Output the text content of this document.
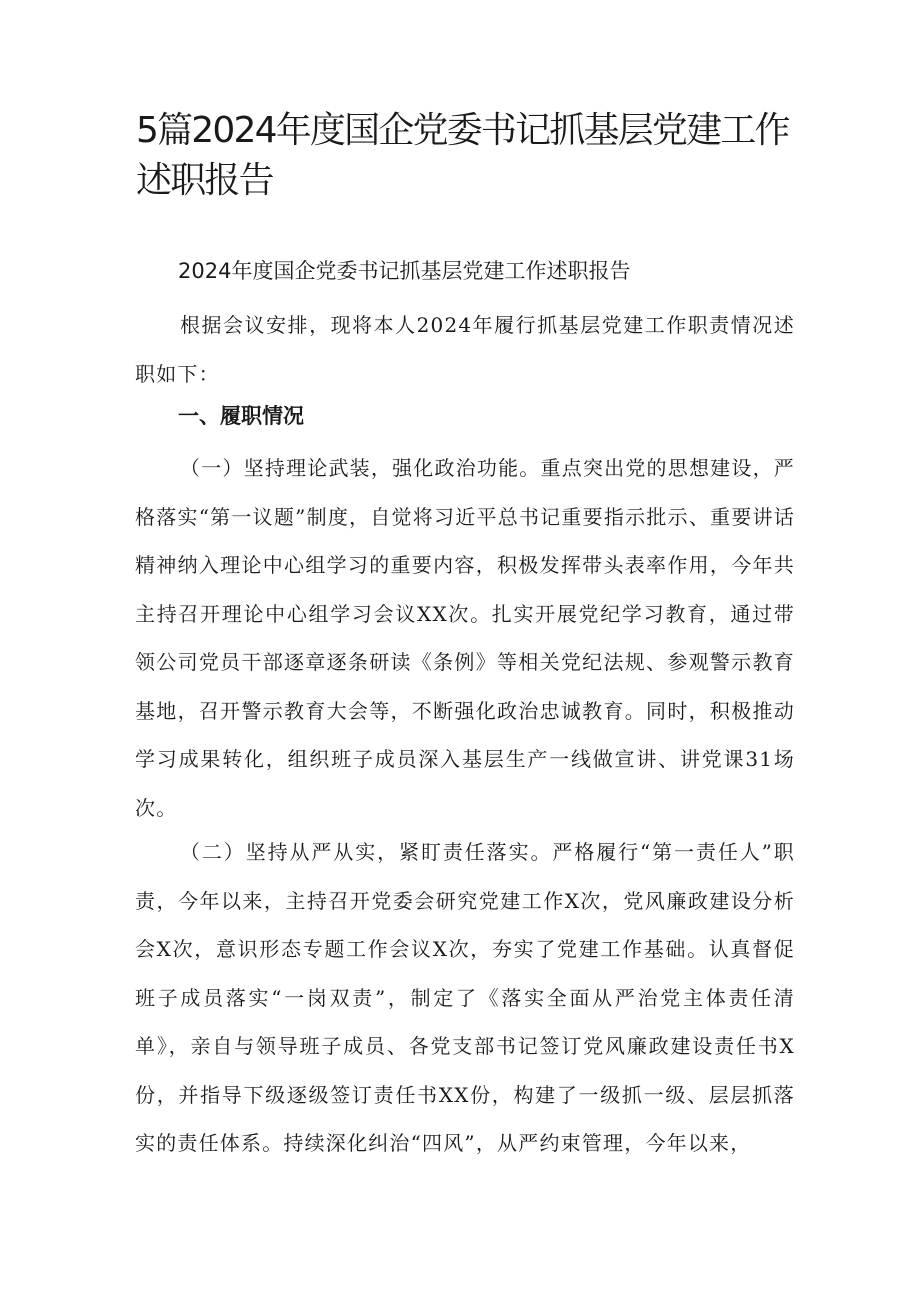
5篇2024年度国企党委书记抓基层党建工作述职报告
2024年度国企党委书记抓基层党建工作述职报告

根据会议安排，现将本人2024年履行抓基层党建工作职责情况述职如下：

一、履职情况

（一）坚持理论武装，强化政治功能。重点突出党的思想建设，严格落实“第一议题”制度，自觉将习近平总书记重要指示批示、重要讲话精神纳入理论中心组学习的重要内容，积极发挥带头表率作用，今年共主持召开理论中心组学习会议XX次。扎实开展党纪学习教育，通过带领公司党员干部逐章逐条研读《条例》等相关党纪法规、参观警示教育基地，召开警示教育大会等，不断强化政治忠诚教育。同时，积极推动学习成果转化，组织班子成员深入基层生产一线做宣讲、讲党课31场次。

（二）坚持从严从实，紧盯责任落实。严格履行“第一责任人”职责，今年以来，主持召开党委会研究党建工作X次，党风廉政建设分析会X次，意识形态专题工作会议X次，夯实了党建工作基础。认真督促班子成员落实“一岗双责”，制定了《落实全面从严治党主体责任清单》，亲自与领导班子成员、各党支部书记签订党风廉政建设责任书X份，并指导下级逐级签订责任书XX份，构建了一级抓一级、层层抓落实的责任体系。持续深化纠治“四风”，从严约束管理，今年以来，
